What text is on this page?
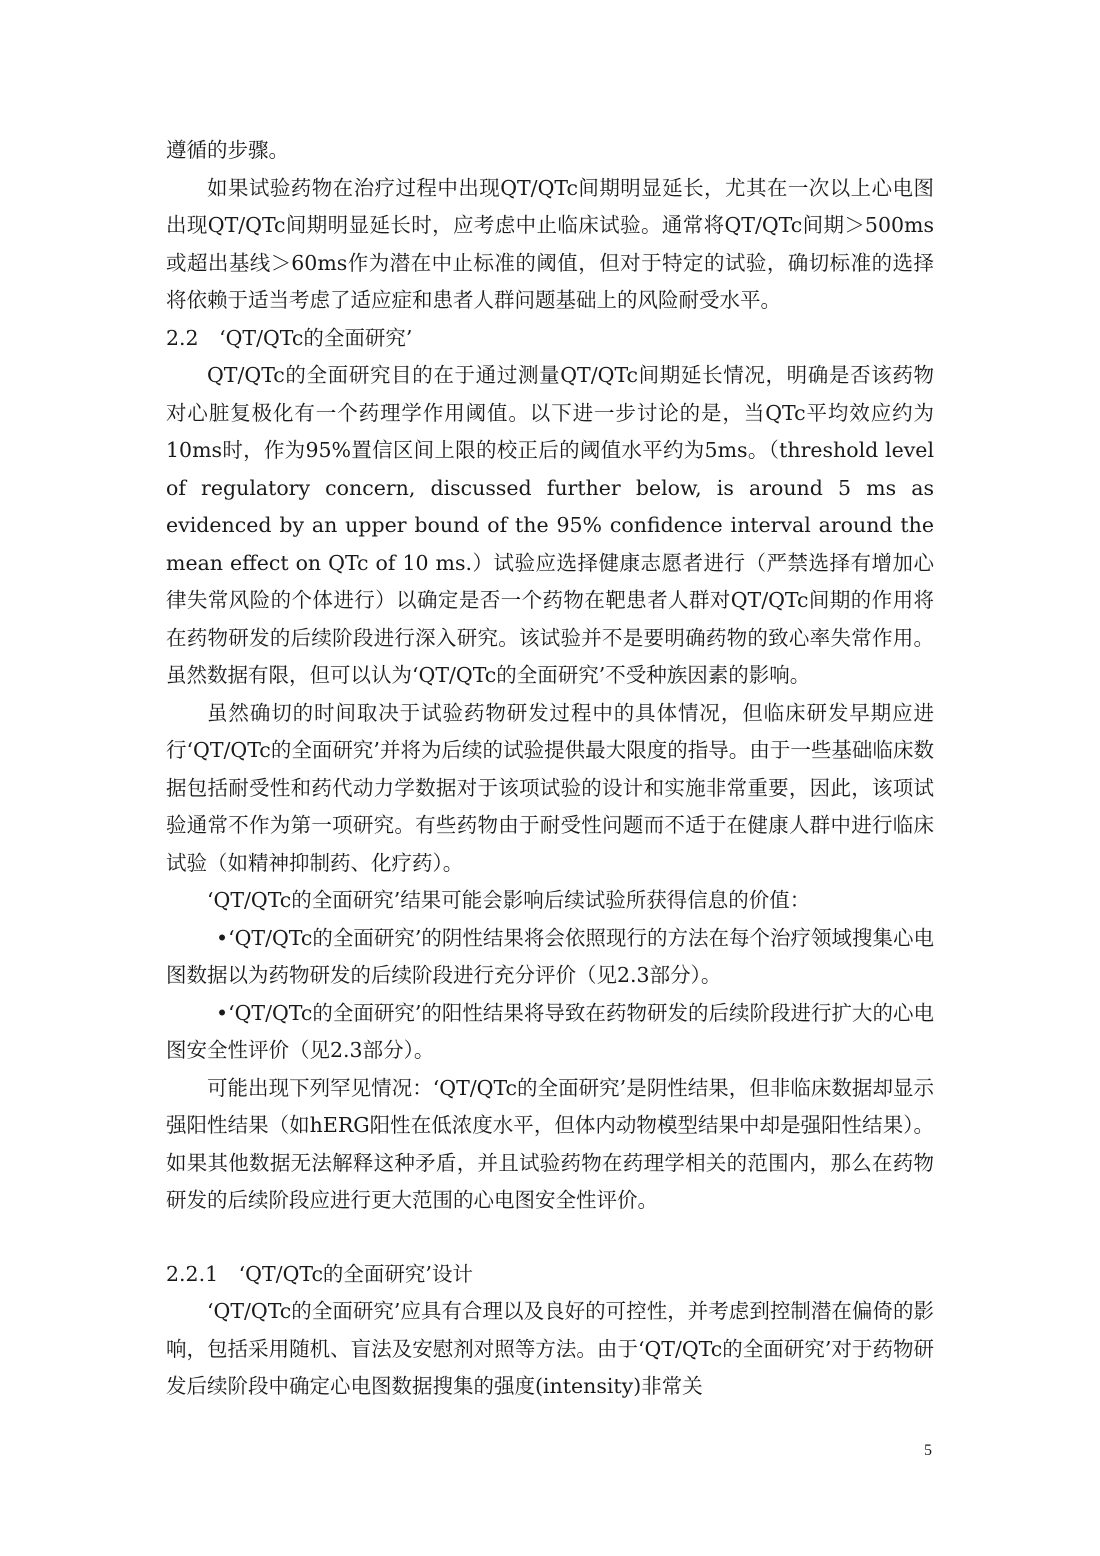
遵循的步骤。

如果试验药物在治疗过程中出现QT/QTc间期明显延长，尤其在一次以上心电图出现QT/QTc间期明显延长时，应考虑中止临床试验。通常将QT/QTc间期＞500ms或超出基线＞60ms作为潜在中止标准的阈值，但对于特定的试验，确切标准的选择将依赖于适当考虑了适应症和患者人群问题基础上的风险耐受水平。

2.2　‘QT/QTc的全面研究’

QT/QTc的全面研究目的在于通过测量QT/QTc间期延长情况，明确是否该药物对心脏复极化有一个药理学作用阈值。以下进一步讨论的是，当QTc平均效应约为10ms时，作为95%置信区间上限的校正后的阈值水平约为5ms。（threshold level of regulatory concern, discussed further below, is around 5 ms as evidenced by an upper bound of the 95% confidence interval around the mean effect on QTc of 10 ms.）试验应选择健康志愿者进行（严禁选择有增加心律失常风险的个体进行）以确定是否一个药物在靶患者人群对QT/QTc间期的作用将在药物研发的后续阶段进行深入研究。该试验并不是要明确药物的致心率失常作用。虽然数据有限，但可以认为‘QT/QTc的全面研究’不受种族因素的影响。

虽然确切的时间取决于试验药物研发过程中的具体情况，但临床研发早期应进行‘QT/QTc的全面研究’并将为后续的试验提供最大限度的指导。由于一些基础临床数据包括耐受性和药代动力学数据对于该项试验的设计和实施非常重要，因此，该项试验通常不作为第一项研究。有些药物由于耐受性问题而不适于在健康人群中进行临床试验（如精神抑制药、化疗药）。

‘QT/QTc的全面研究’结果可能会影响后续试验所获得信息的价值：

•‘QT/QTc的全面研究’的阴性结果将会依照现行的方法在每个治疗领域搜集心电图数据以为药物研发的后续阶段进行充分评价（见2.3部分）。

•‘QT/QTc的全面研究’的阳性结果将导致在药物研发的后续阶段进行扩大的心电图安全性评价（见2.3部分）。

可能出现下列罕见情况：‘QT/QTc的全面研究’是阴性结果，但非临床数据却显示强阳性结果（如hERG阳性在低浓度水平，但体内动物模型结果中却是强阳性结果）。如果其他数据无法解释这种矛盾，并且试验药物在药理学相关的范围内，那么在药物研发的后续阶段应进行更大范围的心电图安全性评价。

2.2.1　‘QT/QTc的全面研究’设计

‘QT/QTc的全面研究’应具有合理以及良好的可控性，并考虑到控制潜在偏倚的影响，包括采用随机、盲法及安慰剂对照等方法。由于‘QT/QTc的全面研究’对于药物研发后续阶段中确定心电图数据搜集的强度(intensity)非常关

5
